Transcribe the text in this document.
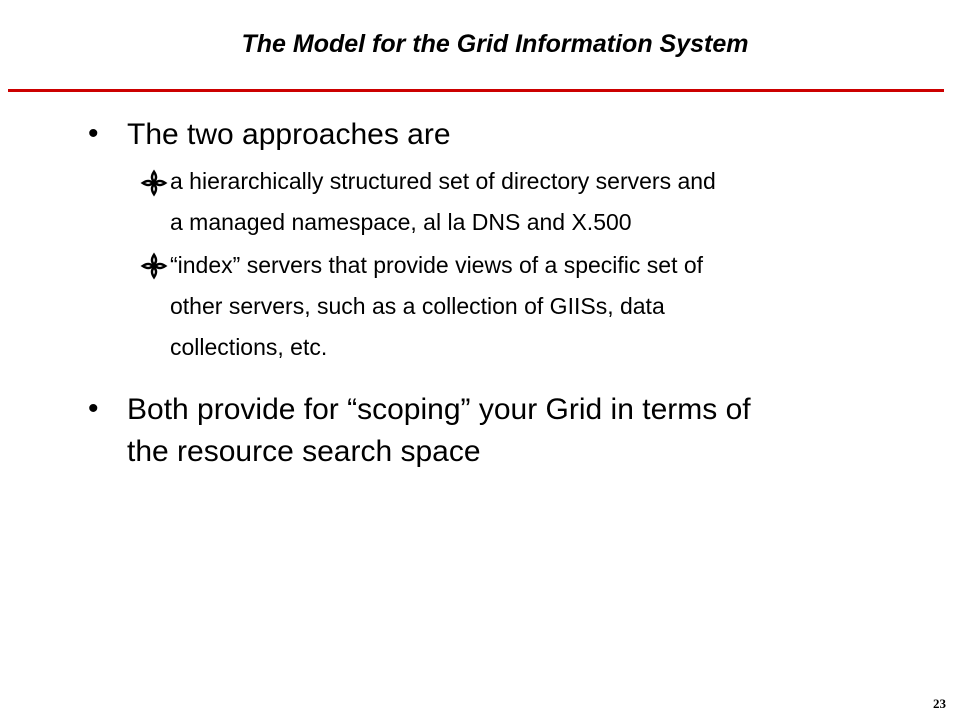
The Model for the Grid Information System
• The two approaches are
a hierarchically structured set of directory servers and
a managed namespace, al la DNS and X.500
“index” servers that provide views of a specific set of
other servers, such as a collection of GIISs, data
collections, etc.
• Both provide for “scoping” your Grid in terms of
the resource search space
23
